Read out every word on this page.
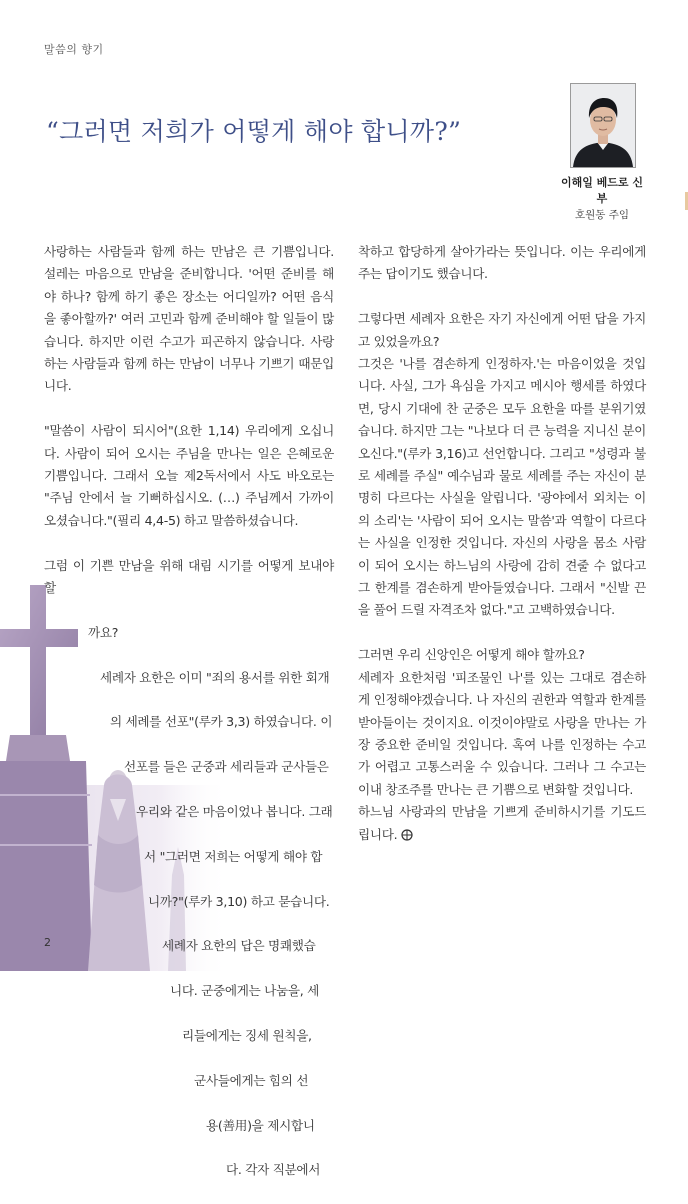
말씀의 향기
“그러면 저희가 어떻게 해야 합니까?”
이해일 베드로 신부
호원동 주임

사랑하는 사람들과 함께 하는 만남은 큰 기쁨입니다. 설레는 마음으로 만남을 준비합니다. '어떤 준비를 해야 하나? 함께 하기 좋은 장소는 어디일까? 어떤 음식을 좋아할까?' 여러 고민과 함께 준비해야 할 일들이 많습니다. 하지만 이런 수고가 피곤하지 않습니다. 사랑하는 사람들과 함께 하는 만남이 너무나 기쁘기 때문입니다.

"말씀이 사람이 되시어"(요한 1,14) 우리에게 오십니다. 사람이 되어 오시는 주님을 만나는 일은 은혜로운 기쁨입니다. 그래서 오늘 제2독서에서 사도 바오로는 "주님 안에서 늘 기뻐하십시오. (…) 주님께서 가까이 오셨습니다."(필리 4,4-5) 하고 말씀하셨습니다.

그럼 이 기쁜 만남을 위해 대림 시기를 어떻게 보내야 할

까요?

세례자 요한은 이미 "죄의 용서를 위한 회개

의 세례를 선포"(루카 3,3) 하였습니다. 이

선포를 들은 군중과 세리들과 군사들은

우리와 같은 마음이었나 봅니다. 그래

서 "그러면 저희는 어떻게 해야 합

니까?"(루카 3,10) 하고 묻습니다.

세례자 요한의 답은 명쾌했습

니다. 군중에게는 나눔을, 세

리들에게는 징세 원칙을,

군사들에게는 힘의 선

용(善用)을 제시합니

다. 각자 직분에서

착하고 합당하게 살아가라는 뜻입니다. 이는 우리에게 주는 답이기도 했습니다.

그렇다면 세례자 요한은 자기 자신에게 어떤 답을 가지고 있었을까요?

그것은 '나를 겸손하게 인정하자.'는 마음이었을 것입니다. 사실, 그가 욕심을 가지고 메시아 행세를 하였다면, 당시 기대에 찬 군중은 모두 요한을 따를 분위기였습니다. 하지만 그는 "나보다 더 큰 능력을 지니신 분이 오신다."(루카 3,16)고 선언합니다. 그리고 "성령과 불로 세례를 주실" 예수님과 물로 세례를 주는 자신이 분명히 다르다는 사실을 알립니다. '광야에서 외치는 이의 소리'는 '사람이 되어 오시는 말씀'과 역할이 다르다는 사실을 인정한 것입니다. 자신의 사랑을 몸소 사람이 되어 오시는 하느님의 사랑에 감히 견줄 수 없다고 그 한계를 겸손하게 받아들였습니다. 그래서 "신발 끈을 풀어 드릴 자격조차 없다."고 고백하였습니다.

그러면 우리 신앙인은 어떻게 해야 할까요?

세례자 요한처럼 '피조물인 나'를 있는 그대로 겸손하게 인정해야겠습니다. 나 자신의 권한과 역할과 한계를 받아들이는 것이지요. 이것이야말로 사랑을 만나는 가장 중요한 준비일 것입니다. 혹여 나를 인정하는 수고가 어렵고 고통스러울 수 있습니다. 그러나 그 수고는 이내 창조주를 만나는 큰 기쁨으로 변화할 것입니다.

하느님 사랑과의 만남을 기쁘게 준비하시기를 기도드립니다.

2
